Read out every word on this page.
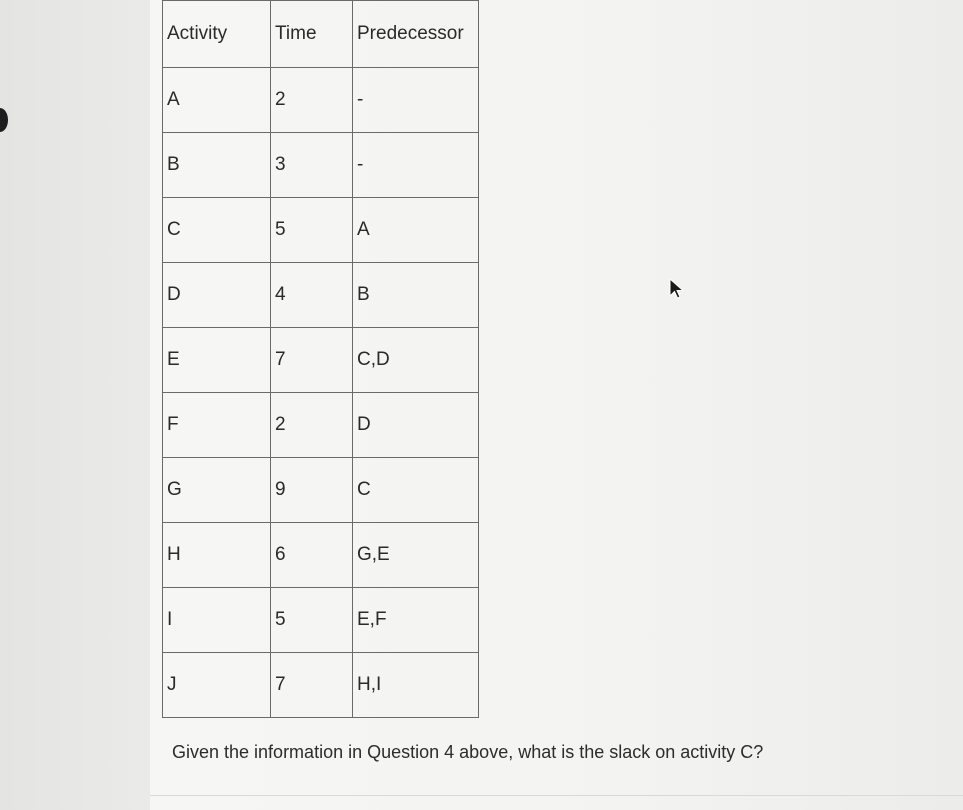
Activity	Time	Predecessor
A	2	-
B	3	-
C	5	A
D	4	B
E	7	C,D
F	2	D
G	9	C
H	6	G,E
I	5	E,F
J	7	H,I
Given the information in Question 4 above, what is the slack on activity C?
